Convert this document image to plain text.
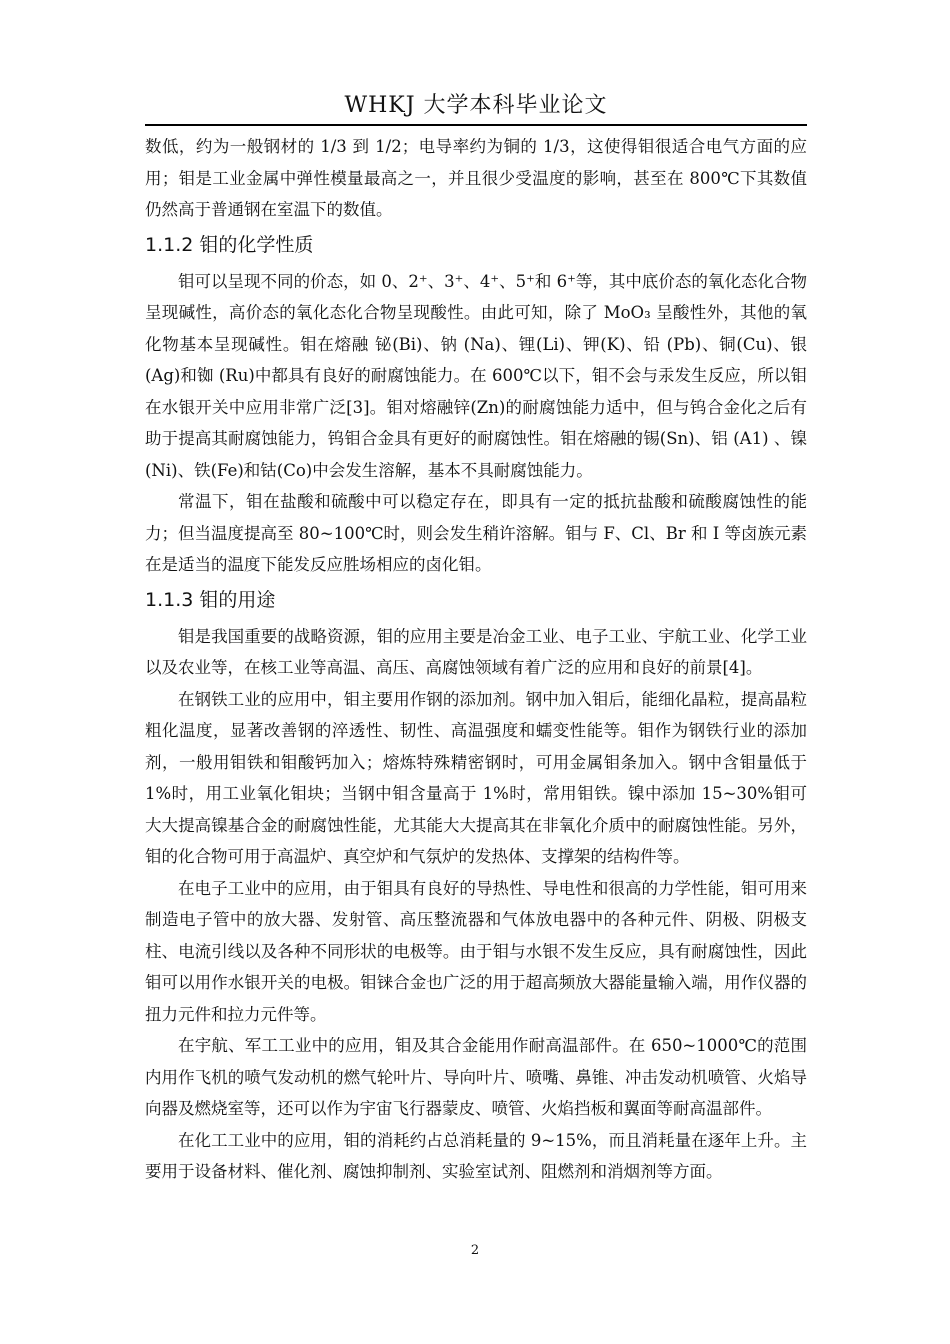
WHKJ 大学本科毕业论文

数低，约为一般钢材的 1/3 到 1/2；电导率约为铜的 1/3，这使得钼很适合电气方面的应用；钼是工业金属中弹性模量最高之一，并且很少受温度的影响，甚至在 800℃下其数值仍然高于普通钢在室温下的数值。

1.1.2 钼的化学性质

钼可以呈现不同的价态，如 0、2⁺、3⁺、4⁺、5⁺和 6⁺等，其中底价态的氧化态化合物呈现碱性，高价态的氧化态化合物呈现酸性。由此可知，除了 MoO₃ 呈酸性外，其他的氧化物基本呈现碱性。钼在熔融 铋(Bi)、钠 (Na)、锂(Li)、钾(K)、铅 (Pb)、铜(Cu)、银 (Ag)和铷 (Ru)中都具有良好的耐腐蚀能力。在 600℃以下，钼不会与汞发生反应，所以钼在水银开关中应用非常广泛[3]。钼对熔融锌(Zn)的耐腐蚀能力适中，但与钨合金化之后有助于提高其耐腐蚀能力，钨钼合金具有更好的耐腐蚀性。钼在熔融的锡(Sn)、铝 (A1) 、镍(Ni)、铁(Fe)和钴(Co)中会发生溶解，基本不具耐腐蚀能力。

常温下，钼在盐酸和硫酸中可以稳定存在，即具有一定的抵抗盐酸和硫酸腐蚀性的能力；但当温度提高至 80~100℃时，则会发生稍许溶解。钼与 F、Cl、Br 和 I 等卤族元素在是适当的温度下能发反应胜场相应的卤化钼。

1.1.3 钼的用途

钼是我国重要的战略资源，钼的应用主要是冶金工业、电子工业、宇航工业、化学工业以及农业等，在核工业等高温、高压、高腐蚀领域有着广泛的应用和良好的前景[4]。

在钢铁工业的应用中，钼主要用作钢的添加剂。钢中加入钼后，能细化晶粒，提高晶粒粗化温度，显著改善钢的淬透性、韧性、高温强度和蠕变性能等。钼作为钢铁行业的添加剂，一般用钼铁和钼酸钙加入；熔炼特殊精密钢时，可用金属钼条加入。钢中含钼量低于 1%时，用工业氧化钼块；当钢中钼含量高于 1%时，常用钼铁。镍中添加 15~30%钼可大大提高镍基合金的耐腐蚀性能，尤其能大大提高其在非氧化介质中的耐腐蚀性能。另外，钼的化合物可用于高温炉、真空炉和气氛炉的发热体、支撑架的结构件等。

在电子工业中的应用，由于钼具有良好的导热性、导电性和很高的力学性能，钼可用来制造电子管中的放大器、发射管、高压整流器和气体放电器中的各种元件、阴极、阴极支柱、电流引线以及各种不同形状的电极等。由于钼与水银不发生反应，具有耐腐蚀性，因此钼可以用作水银开关的电极。钼铼合金也广泛的用于超高频放大器能量输入端，用作仪器的扭力元件和拉力元件等。

在宇航、军工工业中的应用，钼及其合金能用作耐高温部件。在 650~1000℃的范围内用作飞机的喷气发动机的燃气轮叶片、导向叶片、喷嘴、鼻锥、冲击发动机喷管、火焰导向器及燃烧室等，还可以作为宇宙飞行器蒙皮、喷管、火焰挡板和翼面等耐高温部件。

在化工工业中的应用，钼的消耗约占总消耗量的 9~15%，而且消耗量在逐年上升。主要用于设备材料、催化剂、腐蚀抑制剂、实验室试剂、阻燃剂和消烟剂等方面。

2
